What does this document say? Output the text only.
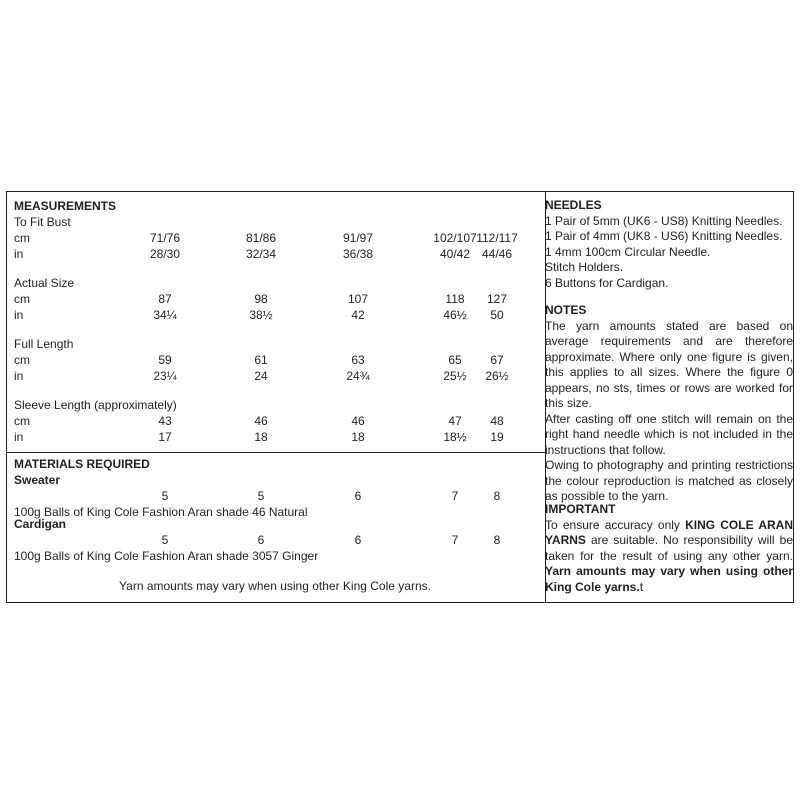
MEASUREMENTS
To Fit Bust
cm	71/76	81/86	91/97	102/107 112/117
in	28/30	32/34	36/38	40/42 44/46
Actual Size
cm	87	98	107	118	127
in	34¼	38½	42	46½	50
Full Length
cm	59	61	63	65	67
in	23¼	24	24¾	25½	26½
Sleeve Length (approximately)
cm	43	46	46	47	48
in	17	18	18	18½	19
MATERIALS REQUIRED
Sweater
5	5	6	7	8
100g Balls of King Cole Fashion Aran shade 46 Natural
Cardigan
5	6	6	7	8
100g Balls of King Cole Fashion Aran shade 3057 Ginger
Yarn amounts may vary when using other King Cole yarns.

NEEDLES

1 Pair of 5mm (UK6 - US8) Knitting Needles.
1 Pair of 4mm (UK8 - US6) Knitting Needles.
1 4mm 100cm Circular Needle.
Stitch Holders.
6 Buttons for Cardigan.

NOTES

The yarn amounts stated are based on average requirements and are therefore approximate. Where only one figure is given, this applies to all sizes. Where the figure 0 appears, no sts, times or rows are worked for this size.

After casting off one stitch will remain on the right hand needle which is not included in the instructions that follow.

Owing to photography and printing restrictions the colour reproduction is matched as closely as possible to the yarn.

IMPORTANT

To ensure accuracy only KING COLE ARAN YARNS are suitable. No responsibility will be taken for the result of using any other yarn. Yarn amounts may vary when using other King Cole yarns.t
